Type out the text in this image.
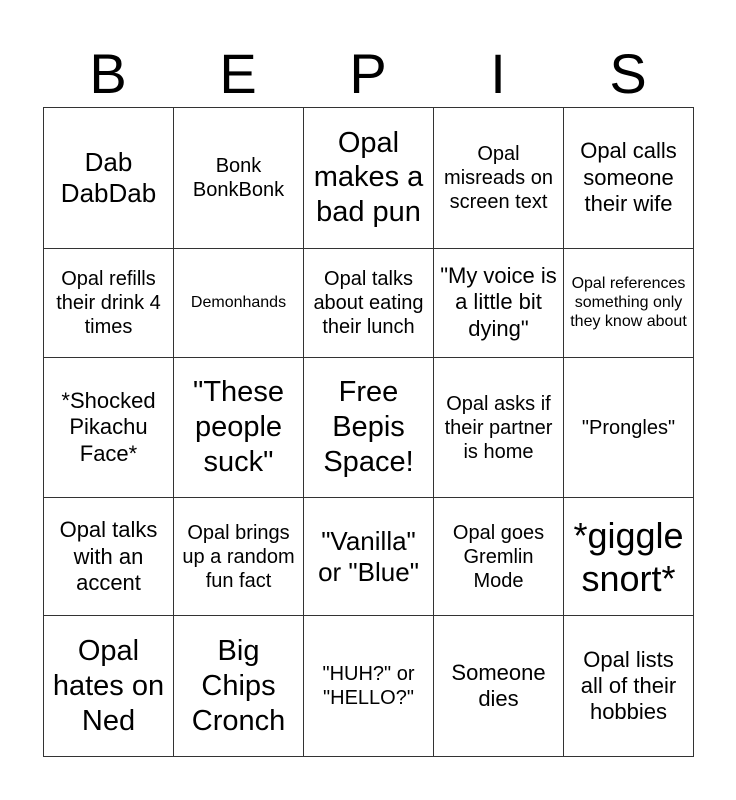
B	E	P	I	S
Dab DabDab	Bonk BonkBonk	Opal makes a bad pun	Opal misreads on screen text	Opal calls someone their wife
Opal refills their drink 4 times	Demonhands	Opal talks about eating their lunch	"My voice is a little bit dying"	Opal references something only they know about
*Shocked Pikachu Face*	"These people suck"	Free Bepis Space!	Opal asks if their partner is home	"Prongles"
Opal talks with an accent	Opal brings up a random fun fact	"Vanilla" or "Blue"	Opal goes Gremlin Mode	*giggle snort*
Opal hates on Ned	Big Chips Cronch	"HUH?" or "HELLO?"	Someone dies	Opal lists all of their hobbies
